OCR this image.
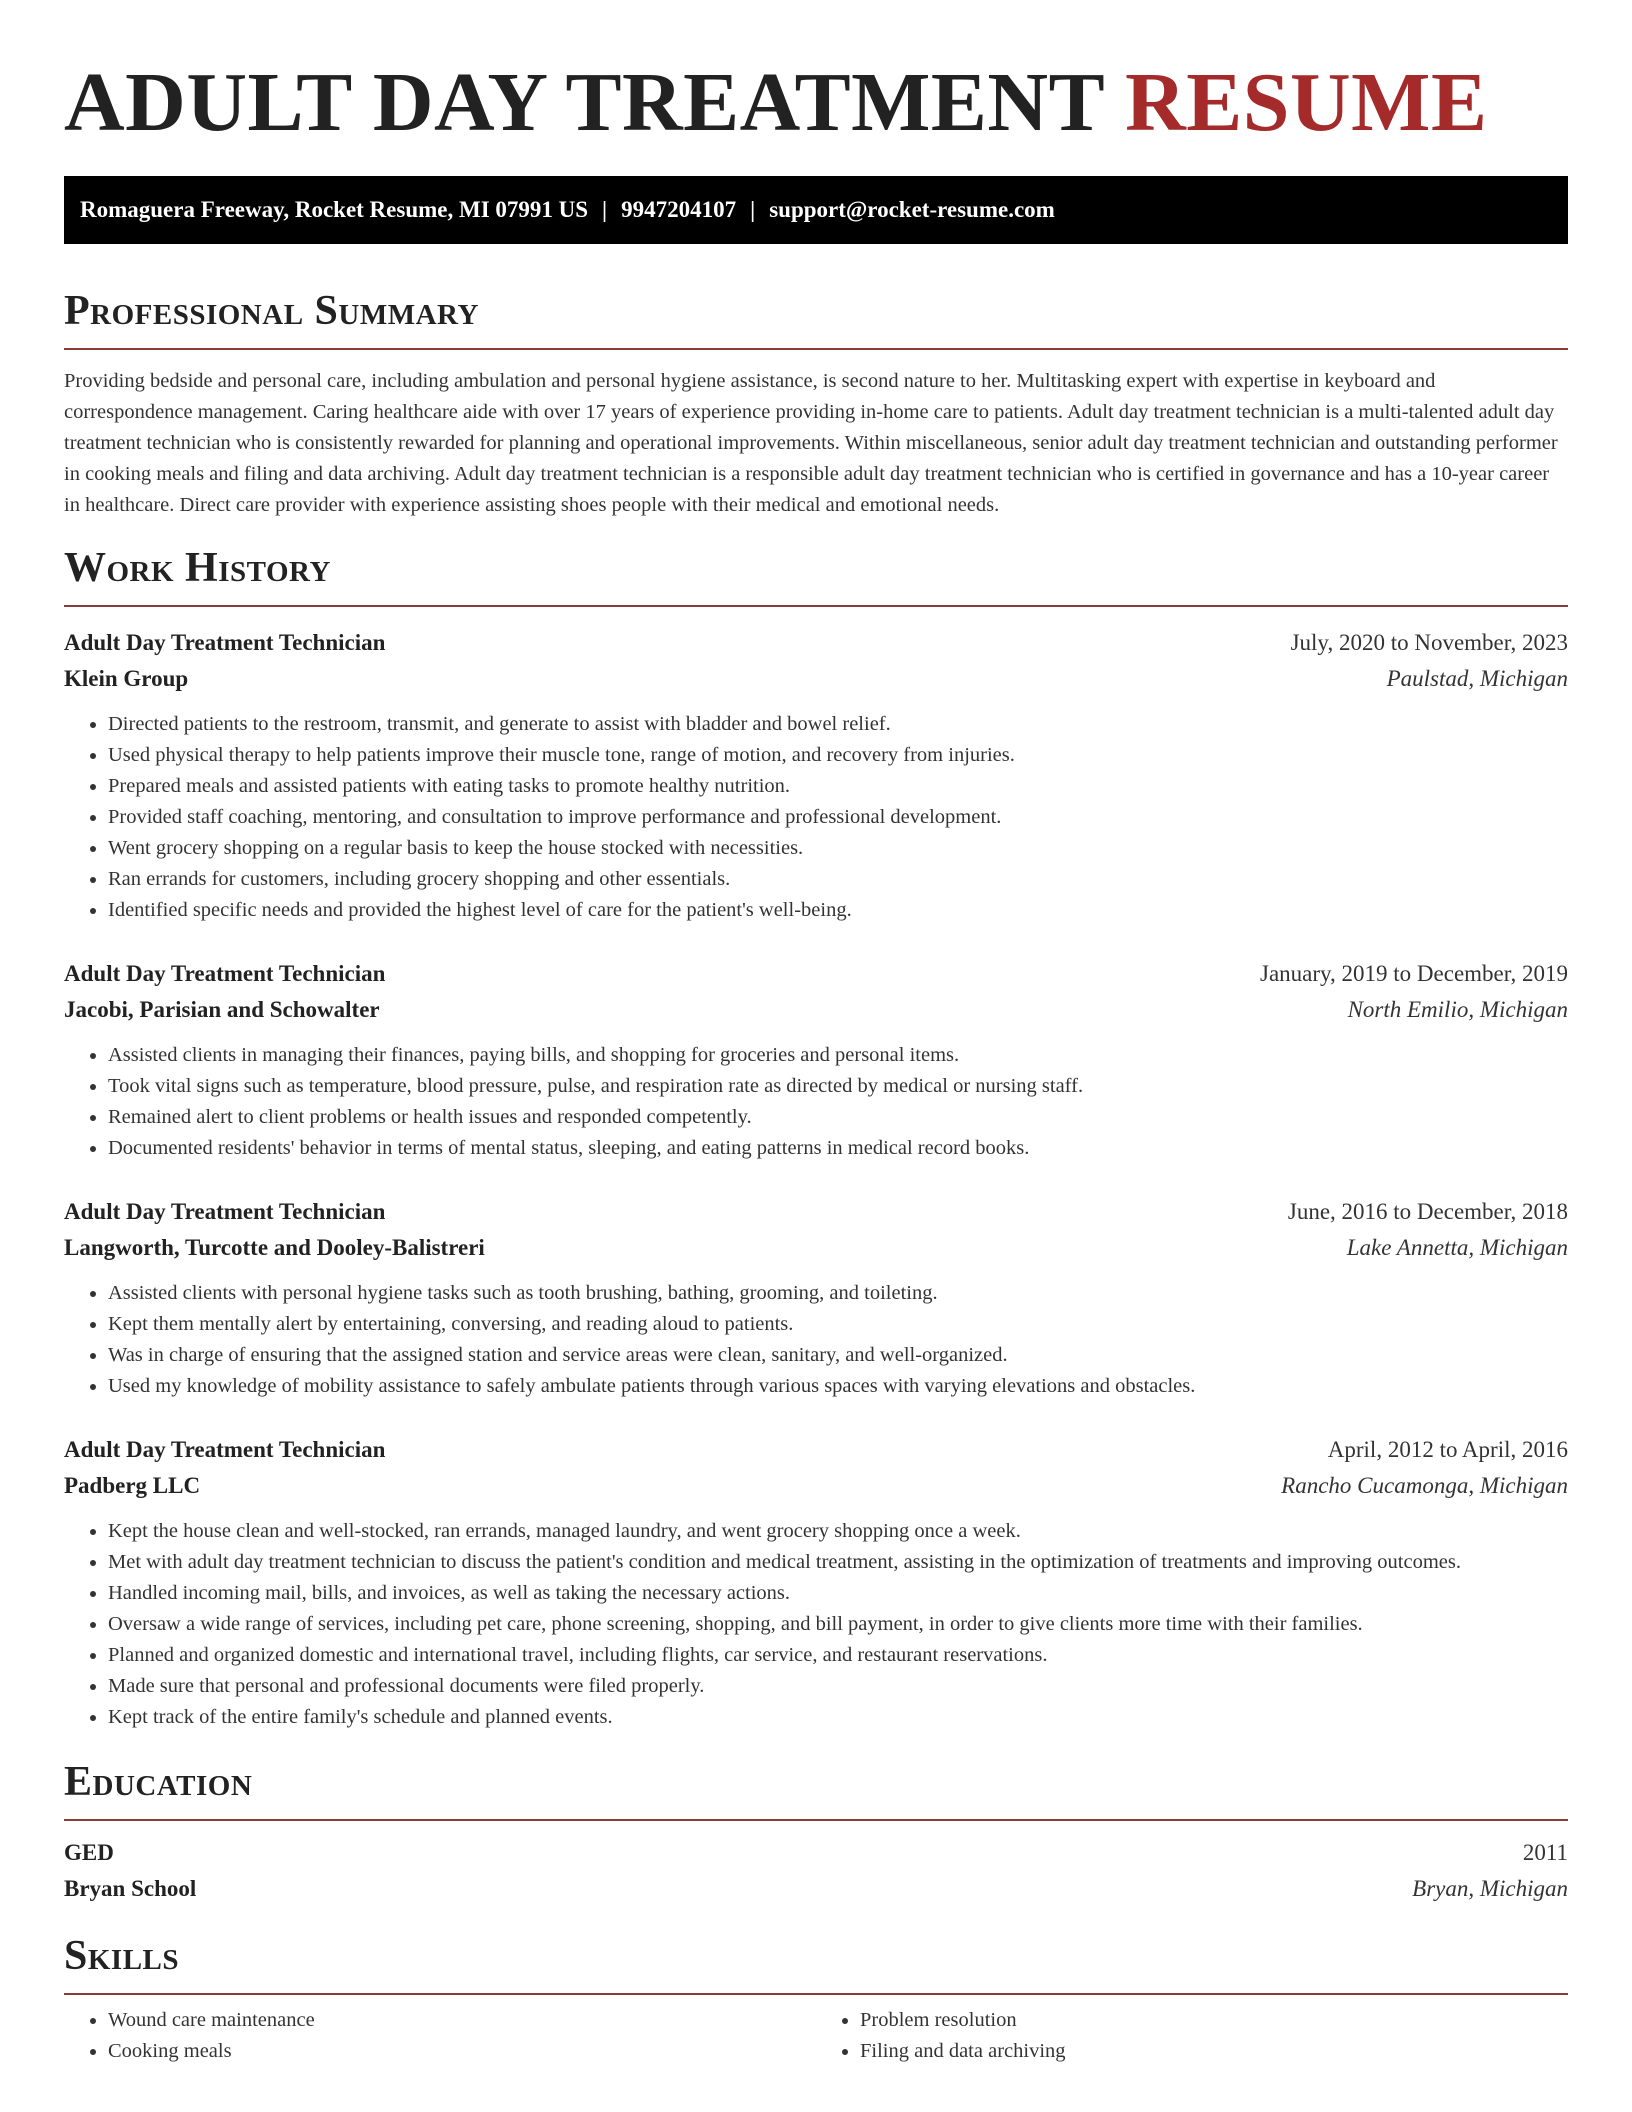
ADULT DAY TREATMENT RESUME
Romaguera Freeway, Rocket Resume, MI 07991 US | 9947204107 | support@rocket-resume.com
Professional Summary

Providing bedside and personal care, including ambulation and personal hygiene assistance, is second nature to her. Multitasking expert with expertise in keyboard and correspondence management. Caring healthcare aide with over 17 years of experience providing in-home care to patients. Adult day treatment technician is a multi-talented adult day treatment technician who is consistently rewarded for planning and operational improvements. Within miscellaneous, senior adult day treatment technician and outstanding performer in cooking meals and filing and data archiving. Adult day treatment technician is a responsible adult day treatment technician who is certified in governance and has a 10-year career in healthcare. Direct care provider with experience assisting shoes people with their medical and emotional needs.

Work History
Adult Day Treatment Technician	July, 2020 to November, 2023
Klein Group	Paulstad, Michigan
• Directed patients to the restroom, transmit, and generate to assist with bladder and bowel relief.
• Used physical therapy to help patients improve their muscle tone, range of motion, and recovery from injuries.
• Prepared meals and assisted patients with eating tasks to promote healthy nutrition.
• Provided staff coaching, mentoring, and consultation to improve performance and professional development.
• Went grocery shopping on a regular basis to keep the house stocked with necessities.
• Ran errands for customers, including grocery shopping and other essentials.
• Identified specific needs and provided the highest level of care for the patient's well-being.
Adult Day Treatment Technician	January, 2019 to December, 2019
Jacobi, Parisian and Schowalter	North Emilio, Michigan
• Assisted clients in managing their finances, paying bills, and shopping for groceries and personal items.
• Took vital signs such as temperature, blood pressure, pulse, and respiration rate as directed by medical or nursing staff.
• Remained alert to client problems or health issues and responded competently.
• Documented residents' behavior in terms of mental status, sleeping, and eating patterns in medical record books.
Adult Day Treatment Technician	June, 2016 to December, 2018
Langworth, Turcotte and Dooley-Balistreri	Lake Annetta, Michigan
• Assisted clients with personal hygiene tasks such as tooth brushing, bathing, grooming, and toileting.
• Kept them mentally alert by entertaining, conversing, and reading aloud to patients.
• Was in charge of ensuring that the assigned station and service areas were clean, sanitary, and well-organized.
• Used my knowledge of mobility assistance to safely ambulate patients through various spaces with varying elevations and obstacles.
Adult Day Treatment Technician	April, 2012 to April, 2016
Padberg LLC	Rancho Cucamonga, Michigan
• Kept the house clean and well-stocked, ran errands, managed laundry, and went grocery shopping once a week.
• Met with adult day treatment technician to discuss the patient's condition and medical treatment, assisting in the optimization of treatments and improving outcomes.
• Handled incoming mail, bills, and invoices, as well as taking the necessary actions.
• Oversaw a wide range of services, including pet care, phone screening, shopping, and bill payment, in order to give clients more time with their families.
• Planned and organized domestic and international travel, including flights, car service, and restaurant reservations.
• Made sure that personal and professional documents were filed properly.
• Kept track of the entire family's schedule and planned events.
Education
GED	2011
Bryan School	Bryan, Michigan
Skills
• Wound care maintenance
• Cooking meals
• Problem resolution
• Filing and data archiving
